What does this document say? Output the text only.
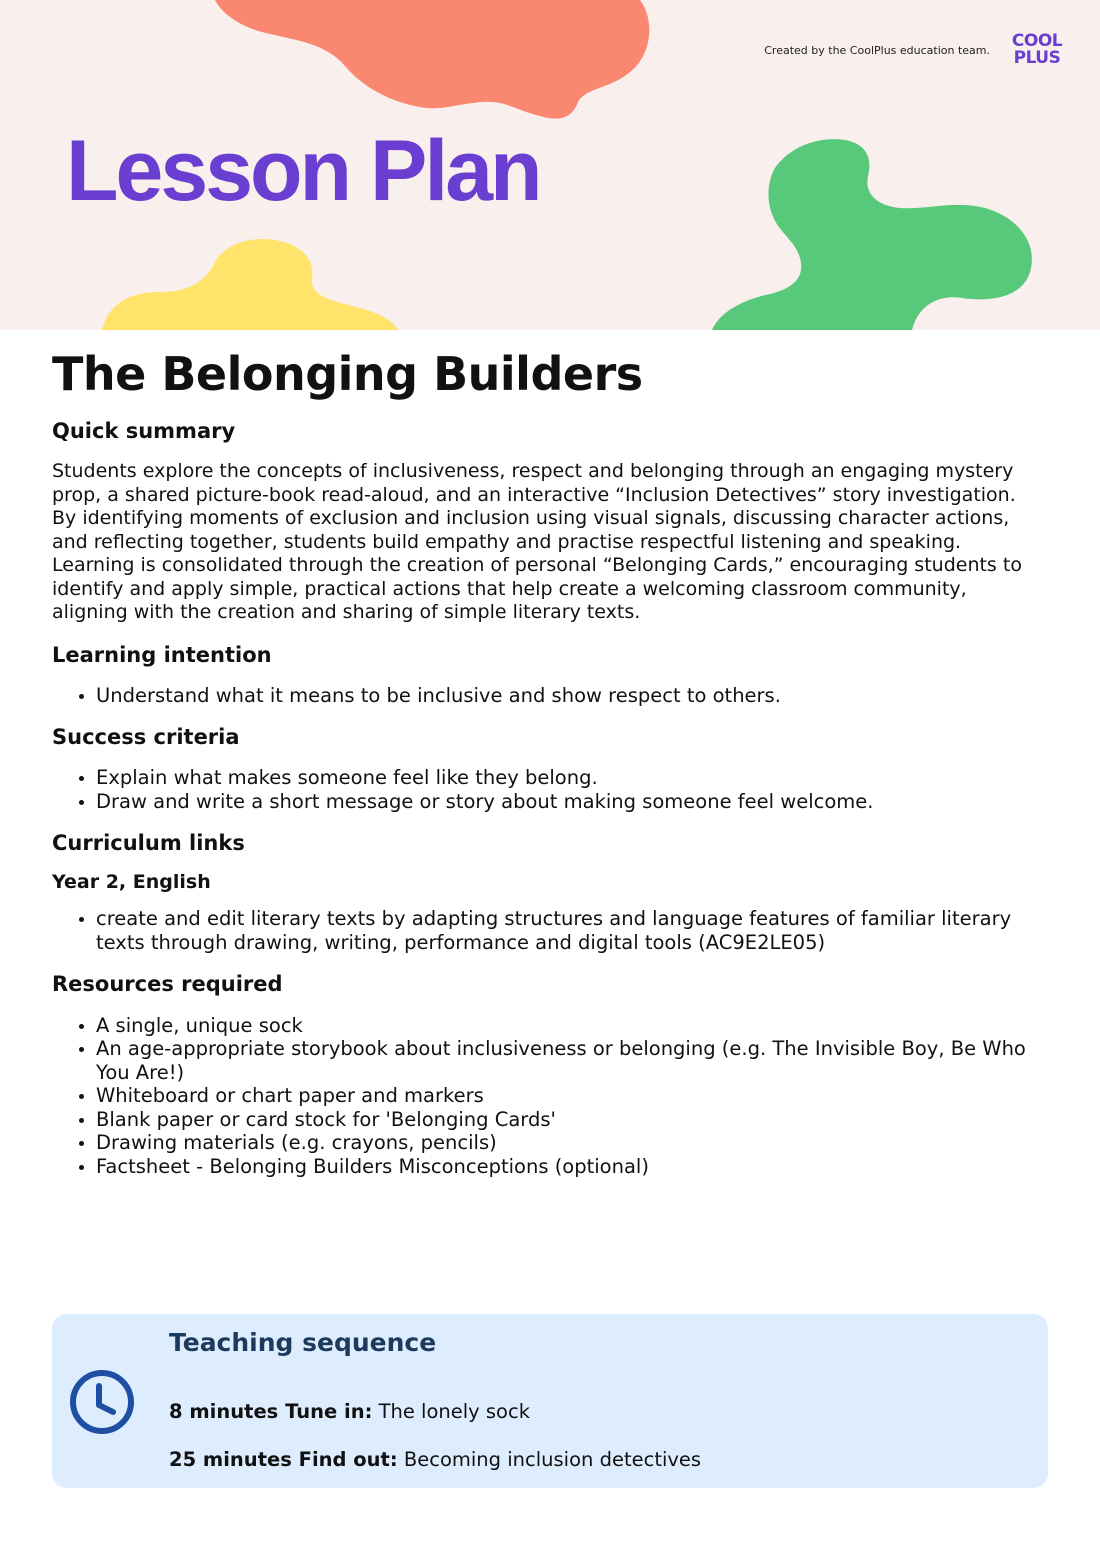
Created by the CoolPlus education team.	COOL
PLUS
Lesson Plan
The Belonging Builders
Quick summary

Students explore the concepts of inclusiveness, respect and belonging through an engaging mystery prop, a shared picture-book read-aloud, and an interactive “Inclusion Detectives” story investigation. By identifying moments of exclusion and inclusion using visual signals, discussing character actions, and reflecting together, students build empathy and practise respectful listening and speaking. Learning is consolidated through the creation of personal “Belonging Cards,” encouraging students to identify and apply simple, practical actions that help create a welcoming classroom community, aligning with the creation and sharing of simple literary texts.

Learning intention
• Understand what it means to be inclusive and show respect to others.
Success criteria
• Explain what makes someone feel like they belong.
• Draw and write a short message or story about making someone feel welcome.
Curriculum links
Year 2, English
• create and edit literary texts by adapting structures and language features of familiar literary texts through drawing, writing, performance and digital tools (AC9E2LE05)
Resources required
• A single, unique sock
• An age-appropriate storybook about inclusiveness or belonging (e.g. The Invisible Boy, Be Who You Are!)
• Whiteboard or chart paper and markers
• Blank paper or card stock for 'Belonging Cards'
• Drawing materials (e.g. crayons, pencils)
• Factsheet - Belonging Builders Misconceptions (optional)
Teaching sequence

8 minutes Tune in: The lonely sock

25 minutes Find out: Becoming inclusion detectives
